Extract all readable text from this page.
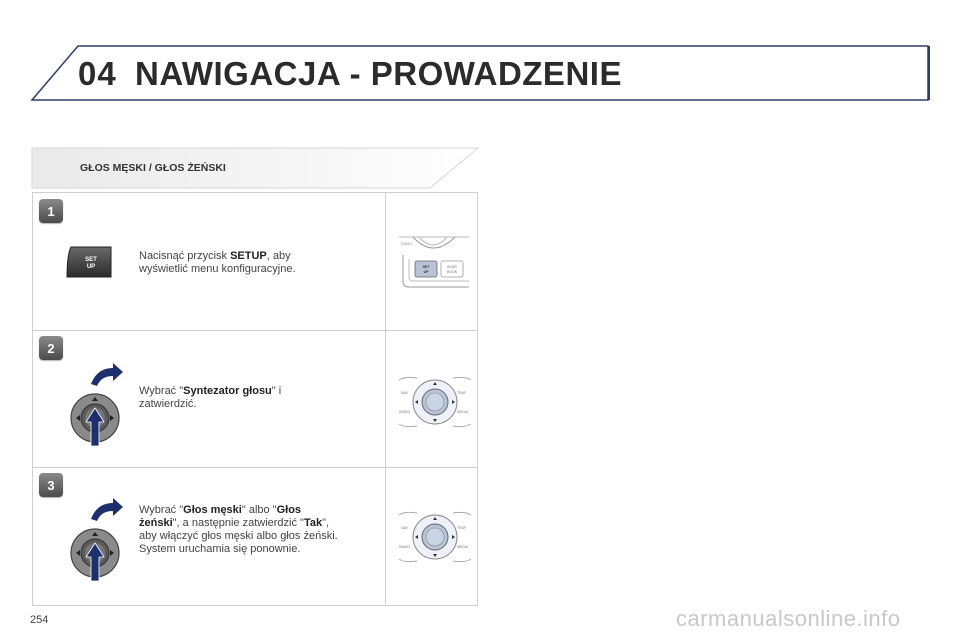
04 NAWIGACJA - PROWADZENIE
GŁOS MĘSKI / GŁOS ŻEŃSKI
1
SET
UP
Nacisnąć przycisk SETUP, aby wyświetlić menu konfiguracyjne.
RADIO
SET
UP
ADDR
BOOK
2
Wybrać "Syntezator głosu" i zatwierdzić.
NAV	TRAF
RADIO	MEDIA
3
Wybrać "Głos męski" albo "Głos żeński", a następnie zatwierdzić "Tak", aby włączyć głos męski albo głos żeński. System uruchamia się ponownie.
NAV	TRAF
RADIO	MEDIA
254	carmanualsonline.info
